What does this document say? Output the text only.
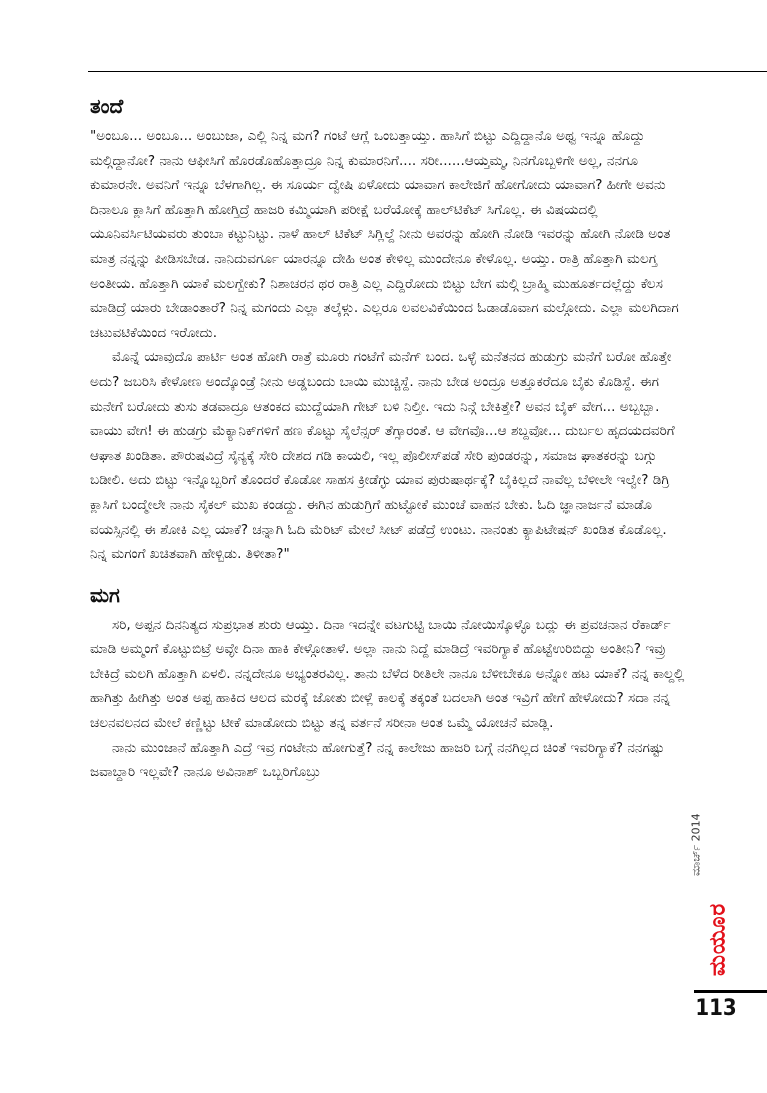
ತಂದೆ

"ಅಂಬೂ... ಅಂಬೂ... ಅಂಬುಜಾ, ಎಲ್ಲಿ ನಿನ್ನ ಮಗ? ಗಂಟೆ ಆಗ್ಲೆ ಒಂಬತ್ತಾಯ್ತು. ಹಾಸಿಗೆ ಬಿಟ್ಟು ಎದ್ದಿದ್ದಾನೊ ಅಥ್ವ ಇನ್ನೂ ಹೊದ್ದು ಮಲ್ಗಿದ್ದಾನೋ? ನಾನು ಆಫೀಸಿಗೆ ಹೊರಡೊಹೊತ್ತಾದ್ರೂ ನಿನ್ನ ಕುಮಾರನಿಗೆ.... ಸರೀ......ಆಯ್ತಮ್ಮ, ನಿನಗೊಬ್ಬಳಿಗೇ ಅಲ್ಲ, ನನಗೂ ಕುಮಾರನೇ. ಅವನಿಗೆ ಇನ್ನೂ ಬೆಳಗಾಗಿಲ್ಲ. ಈ ಸೂರ್ಯ ದ್ವೇಷಿ ಏಳೋದು ಯಾವಾಗ ಕಾಲೇಜಿಗೆ ಹೋಗೋದು ಯಾವಾಗ? ಹೀಗೇ ಅವನು ದಿನಾಲೂ ಕ್ಲಾಸಿಗೆ ಹೊತ್ತಾಗಿ ಹೋಗ್ತಿದ್ರೆ ಹಾಜರಿ ಕಮ್ಮಿಯಾಗಿ ಪರೀಕ್ಷೆ ಬರೆಯೋಕ್ಕೆ ಹಾಲ್‌ಟಿಕೆಟ್ ಸಿಗೊಲ್ಲ. ಈ ವಿಷಯದಲ್ಲಿ ಯೂನಿವರ್ಸಿಟಿಯವರು ತುಂಬಾ ಕಟ್ಟುನಿಟ್ಟು. ನಾಳೆ ಹಾಲ್ ಟಿಕೆಟ್ ಸಿಗ್ಲಿಲ್ದೆ ನೀನು ಅವರನ್ನು ಹೋಗಿ ನೋಡಿ ಇವರನ್ನು ಹೋಗಿ ನೋಡಿ ಅಂತ ಮಾತ್ರ ನನ್ನನ್ನು ಪೀಡಿಸಬೇಡ. ನಾನಿದುವರ್ಗೂ ಯಾರನ್ನೂ ದೇಹಿ ಅಂತ ಕೇಳಿಲ್ಲ ಮುಂದೇನೂ ಕೇಳೊಲ್ಲ. ಅಯ್ತು. ರಾತ್ರಿ ಹೊತ್ತಾಗಿ ಮಲಗ್ತ ಅಂತೀಯ. ಹೊತ್ತಾಗಿ ಯಾಕೆ ಮಲಗ್ಬೇಕು? ನಿಶಾಚರನ ಥರ ರಾತ್ರಿ ಎಲ್ಲ ಎದ್ದಿರೋದು ಬಿಟ್ಟು ಬೇಗ ಮಲ್ಗಿ ಬ್ರಾಹ್ಮಿ ಮುಹೂರ್ತದಲ್ಲೆದ್ದು ಕೆಲಸ ಮಾಡಿದ್ರೆ ಯಾರು ಬೇಡಾಂತಾರೆ? ನಿನ್ನ ಮಗಂದು ಎಲ್ಲಾ ತಲ್ಕೆಳ್ಗು. ಎಲ್ಲರೂ ಲವಲವಿಕೆಯಿಂದ ಓಡಾಡೊವಾಗ ಮಲ್ಗೋದು. ಎಲ್ಲಾ ಮಲಗಿದಾಗ ಚಟುವಟಿಕೆಯಿಂದ ಇರೋದು.

ಮೊನ್ನೆ ಯಾವುದೊ ಪಾರ್ಟಿ ಅಂತ ಹೋಗಿ ರಾತ್ರೆ ಮೂರು ಗಂಟೆಗೆ ಮನೆಗ್ ಬಂದ. ಒಳ್ಳೆ ಮನೆತನದ ಹುಡುಗ್ರು ಮನೆಗೆ ಬರೋ ಹೊತ್ತೇ ಅದು? ಜಬರಿಸಿ ಕೇಳೋಣ ಅಂದ್ಕೊಂಡ್ರೆ ನೀನು ಅಡ್ಡಬಂದು ಬಾಯಿ ಮುಚ್ಚಿಸ್ದೆ. ನಾನು ಬೇಡ ಅಂದ್ರೂ ಅತ್ತೂಕರೆದೂ ಬೈಕು ಕೊಡಿಸ್ದೆ. ಈಗ ಮನೇಗೆ ಬರೋದು ತುಸು ತಡವಾದ್ರೂ ಆತಂಕದ ಮುದ್ದೆಯಾಗಿ ಗೇಟ್ ಬಳಿ ನಿಲ್ತೀ. ಇದು ನಿನ್ಗೆ ಬೇಕಿತ್ತೇ? ಅವನ ಬೈಕ್ ವೇಗ... ಅಬ್ಬಬ್ಬಾ. ವಾಯು ವೇಗ! ಈ ಹುಡಗ್ರು ಮೆಕ್ಯಾನಿಕ್‌ಗಳಿಗೆ ಹಣ ಕೊಟ್ಟು ಸೈಲೆನ್ಸರ್ ತೆಗ್ಸಾರಂತೆ. ಆ ವೇಗವೊ...ಆ ಶಬ್ದವೋ... ದುರ್ಬಲ ಹೃದಯದವರಿಗೆ ಆಘಾತ ಖಂಡಿತಾ. ಪೌರುಷವಿದ್ರೆ ಸೈನ್ಯಕ್ಕೆ ಸೇರಿ ದೇಶದ ಗಡಿ ಕಾಯಲಿ, ಇಲ್ಲ ಪೊಲೀಸ್‌ಪಡೆ ಸೇರಿ ಪುಂಡರನ್ನು, ಸಮಾಜ ಘಾತಕರನ್ನು ಬಗ್ಗು ಬಡೀಲಿ. ಅದು ಬಿಟ್ಟು ಇನ್ನೊಬ್ಬರಿಗೆ ತೊಂದರೆ ಕೊಡೋ ಸಾಹಸ ಕ್ರೀಡೆಗ್ಳು ಯಾವ ಪುರುಷಾರ್ಥಕ್ಕೆ? ಬೈಕಿಲ್ಲದೆ ನಾವೆಲ್ಲ ಬೆಳೀಲೇ ಇಲ್ವೇ? ಡಿಗ್ರಿ ಕ್ಲಾಸಿಗೆ ಬಂದ್ಮೇಲೇ ನಾನು ಸೈಕಲ್ ಮುಖ ಕಂಡದ್ದು. ಈಗಿನ ಹುಡುಗ್ರಿಗೆ ಹುಟ್ಟೋಕೆ ಮುಂಚೆ ವಾಹನ ಬೇಕು. ಓದಿ ಜ್ಞಾನಾರ್ಜನೆ ಮಾಡೊ ವಯಸ್ಸಿನಲ್ಲಿ ಈ ಶೋಕಿ ಎಲ್ಲ ಯಾಕೆ? ಚನ್ನಾಗಿ ಓದಿ ಮೆರಿಟ್ ಮೇಲೆ ಸೀಟ್ ಪಡೆದ್ರೆ ಉಂಟು. ನಾನಂತು ಕ್ಯಾಪಿಟೇಷನ್ ಖಂಡಿತ ಕೊಡೊಲ್ಲ. ನಿನ್ನ ಮಗಂಗೆ ಖಚಿತವಾಗಿ ಹೇಳ್ಬಿಡು. ತಿಳೀತಾ?"

ಮಗ

ಸರಿ, ಅಪ್ಪನ ದಿನನಿತ್ಯದ ಸುಪ್ರಭಾತ ಶುರು ಆಯ್ತು. ದಿನಾ ಇದನ್ನೇ ವಟಗುಟ್ಟಿ ಬಾಯಿ ನೋಯಿಸ್ಕೊಳ್ಳೊ ಬದ್ಲು ಈ ಪ್ರವಚನಾನ ರೆಕಾರ್ಡ್ ಮಾಡಿ ಅಮ್ಮಂಗೆ ಕೊಟ್ಟುಬಿಟ್ರೆ ಅವ್ಳೇ ದಿನಾ ಹಾಕಿ ಕೇಳ್ಗೋತಾಳೆ. ಅಲ್ಲಾ ನಾನು ನಿದ್ದೆ ಮಾಡಿದ್ರೆ ಇವರಿಗ್ಯಾಕೆ ಹೊಟ್ಟೆಉರಿಬಿದ್ದು ಅಂತೀನಿ? ಇವ್ರು ಬೇಕಿದ್ರೆ ಮಲಗಿ ಹೊತ್ತಾಗಿ ಏಳಲಿ. ನನ್ನದೇನೂ ಅಭ್ಯಂತರವಿಲ್ಲ. ತಾನು ಬೆಳೆದ ರೀತಿಲೇ ನಾನೂ ಬೆಳೀಬೇಕೂ ಅನ್ನೋ ಹಟ ಯಾಕೆ? ನನ್ನ ಕಾಲ್ದಲ್ಲಿ ಹಾಗಿತ್ತು ಹೀಗಿತ್ತು ಅಂತ ಅಪ್ಪ ಹಾಕಿದ ಆಲದ ಮರಕ್ಕೆ ಜೋತು ಬೀಳ್ಲೆ ಕಾಲಕ್ಕೆ ತಕ್ಕಂತೆ ಬದಲಾಗಿ ಅಂತ ಇವ್ರಿಗೆ ಹೇಗೆ ಹೇಳೋದು? ಸದಾ ನನ್ನ ಚಲನವಲನದ ಮೇಲೆ ಕಣ್ಣಿಟ್ಟು ಟೀಕೆ ಮಾಡೋದು ಬಿಟ್ಟು ತನ್ನ ವರ್ತನೆ ಸರೀನಾ ಅಂತ ಒಮ್ಮೆ ಯೋಚನೆ ಮಾಡ್ಲಿ.

ನಾನು ಮುಂಜಾನೆ ಹೊತ್ತಾಗಿ ಎದ್ರೆ ಇವ್ರ ಗಂಟೇನು ಹೋಗುತ್ತೆ? ನನ್ನ ಕಾಲೇಜು ಹಾಜರಿ ಬಗ್ಗೆ ನನಗಿಲ್ಲದ ಚಿಂತೆ ಇವರಿಗ್ಯಾಕೆ? ನನಗಷ್ಟು ಜವಾಬ್ದಾರಿ ಇಲ್ಲವೇ? ನಾನೂ ಅವಿನಾಶ್ ಒಬ್ಬರಿಗೊಬ್ರು

ಮಾರ್ಚ್ 2014
ಮಯೂರ
113
